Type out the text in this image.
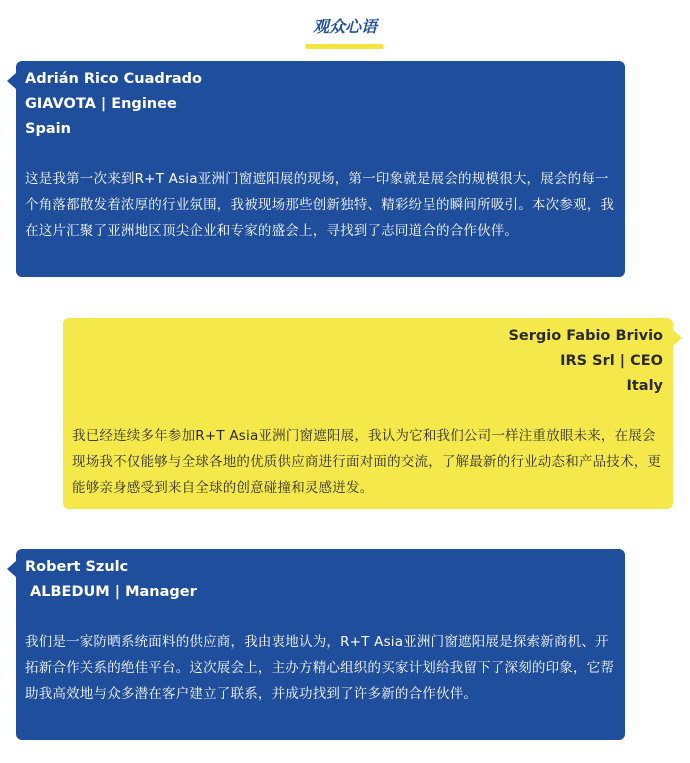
观众心语
Adrián Rico Cuadrado
GIAVOTA | Enginee
Spain
这是我第一次来到R+T Asia亚洲门窗遮阳展的现场，第一印象就是展会的规模很大，展会的每一个角落都散发着浓厚的行业氛围，我被现场那些创新独特、精彩纷呈的瞬间所吸引。本次参观，我在这片汇聚了亚洲地区顶尖企业和专家的盛会上，寻找到了志同道合的合作伙伴。
Sergio Fabio Brivio
IRS Srl | CEO
Italy
我已经连续多年参加R+T Asia亚洲门窗遮阳展，我认为它和我们公司一样注重放眼未来，在展会现场我不仅能够与全球各地的优质供应商进行面对面的交流，了解最新的行业动态和产品技术，更能够亲身感受到来自全球的创意碰撞和灵感迸发。
Robert Szulc
ALBEDUM | Manager
我们是一家防晒系统面料的供应商，我由衷地认为，R+T Asia亚洲门窗遮阳展是探索新商机、开拓新合作关系的绝佳平台。这次展会上，主办方精心组织的买家计划给我留下了深刻的印象，它帮助我高效地与众多潜在客户建立了联系，并成功找到了许多新的合作伙伴。
